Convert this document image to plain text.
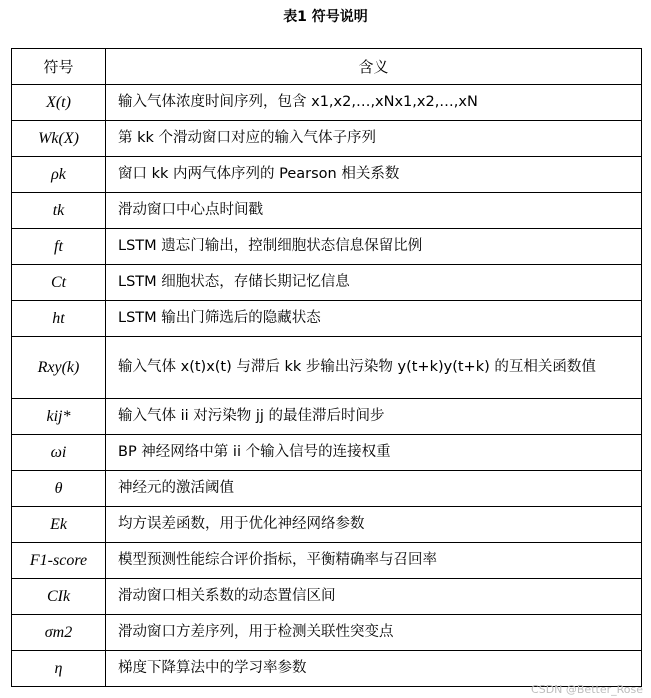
表1 符号说明
符号	含义
X(t)	输入气体浓度时间序列，包含 x1,x2,…,xNx1,x2,…,xN
Wk(X)	第 kk 个滑动窗口对应的输入气体子序列
ρk	窗口 kk 内两气体序列的 Pearson 相关系数
tk	滑动窗口中心点时间戳
ft	LSTM 遗忘门输出，控制细胞状态信息保留比例
Ct	LSTM 细胞状态，存储长期记忆信息
ht	LSTM 输出门筛选后的隐藏状态
Rxy(k)	输入气体 x(t)x(t) 与滞后 kk 步输出污染物 y(t+k)y(t+k) 的互相关函数值
kij*	输入气体 ii 对污染物 jj 的最佳滞后时间步
ωi	BP 神经网络中第 ii 个输入信号的连接权重
θ	神经元的激活阈值
Ek	均方误差函数，用于优化神经网络参数
F1-score	模型预测性能综合评价指标，平衡精确率与召回率
CIk	滑动窗口相关系数的动态置信区间
σm2	滑动窗口方差序列，用于检测关联性突变点
η	梯度下降算法中的学习率参数
CSDN @Better_Rose
